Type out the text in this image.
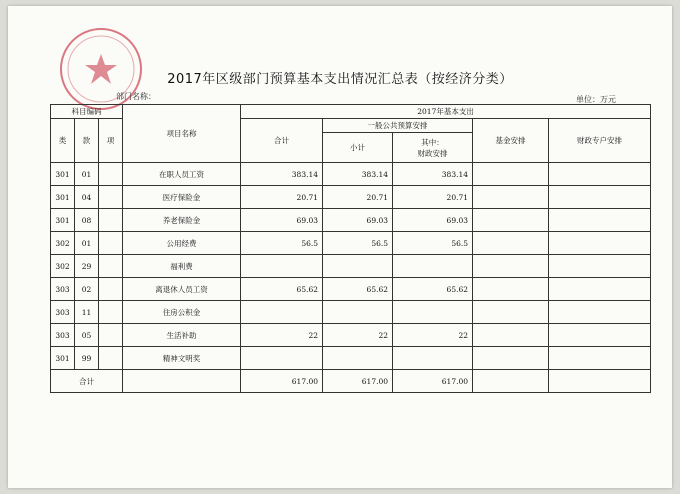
2017年区级部门预算基本支出情况汇总表（按经济分类）
部门名称：	单位：万元
科目编码			项目名称	2017年基本支出				
类	款	项						
				合计	一般公共预算安排		基金安排	财政专户安排
					小计	其中：
财政安排		

301	01		在职人员工资	383.14	383.14	383.14		
301	04		医疗保险金	20.71	20.71	20.71		
301	08		养老保险金	69.03	69.03	69.03		
302	01		公用经费	56.5	56.5	56.5		
302	29		福利费					
303	02		离退休人员工资	65.62	65.62	65.62		
303	11		住房公积金					
303	05		生活补助	22	22	22		
301	99		精神文明奖					
合计				617.00	617.00	617.00		
